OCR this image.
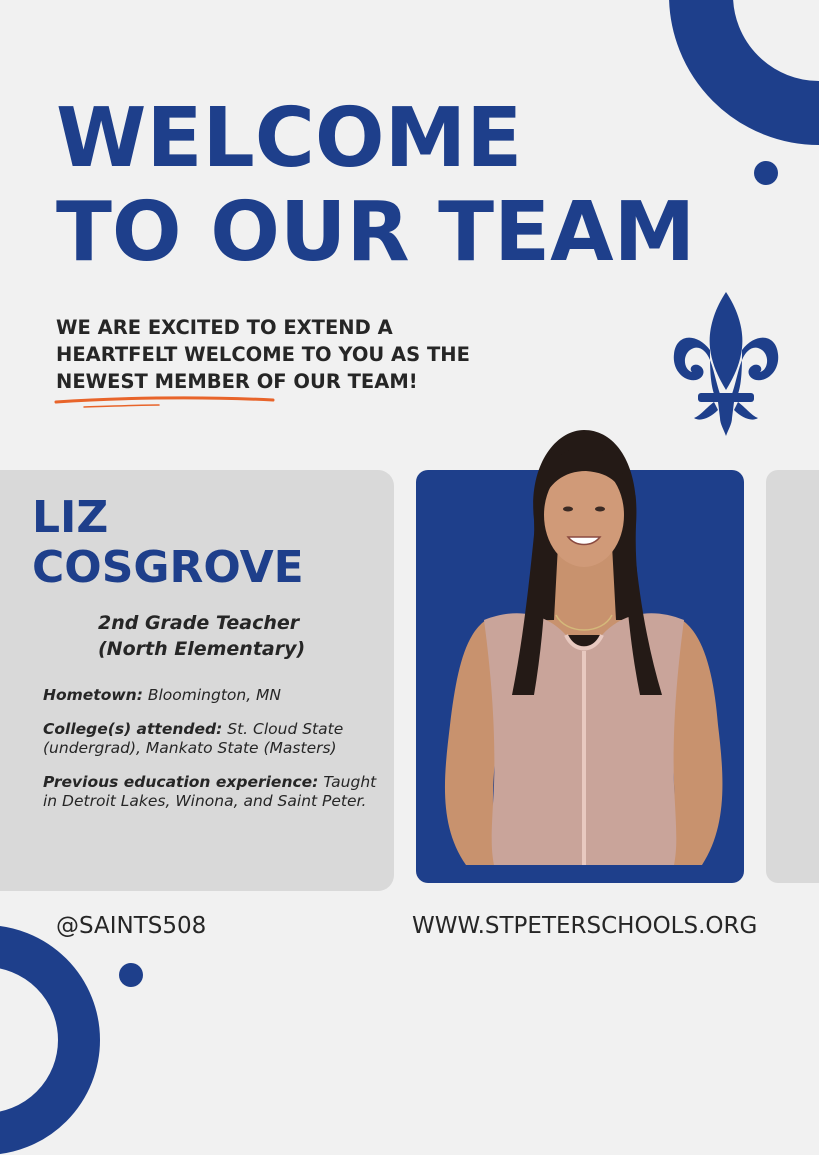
WELCOME
TO OUR TEAM

WE ARE EXCITED TO EXTEND A
HEARTFELT WELCOME TO YOU AS THE
NEWEST MEMBER OF OUR TEAM!

LIZ
COSGROVE

2nd Grade Teacher
(North Elementary)

Hometown: Bloomington, MN

College(s) attended: St. Cloud State (undergrad), Mankato State (Masters)

Previous education experience: Taught in Detroit Lakes, Winona, and Saint Peter.

@SAINTS508	WWW.STPETERSCHOOLS.ORG
